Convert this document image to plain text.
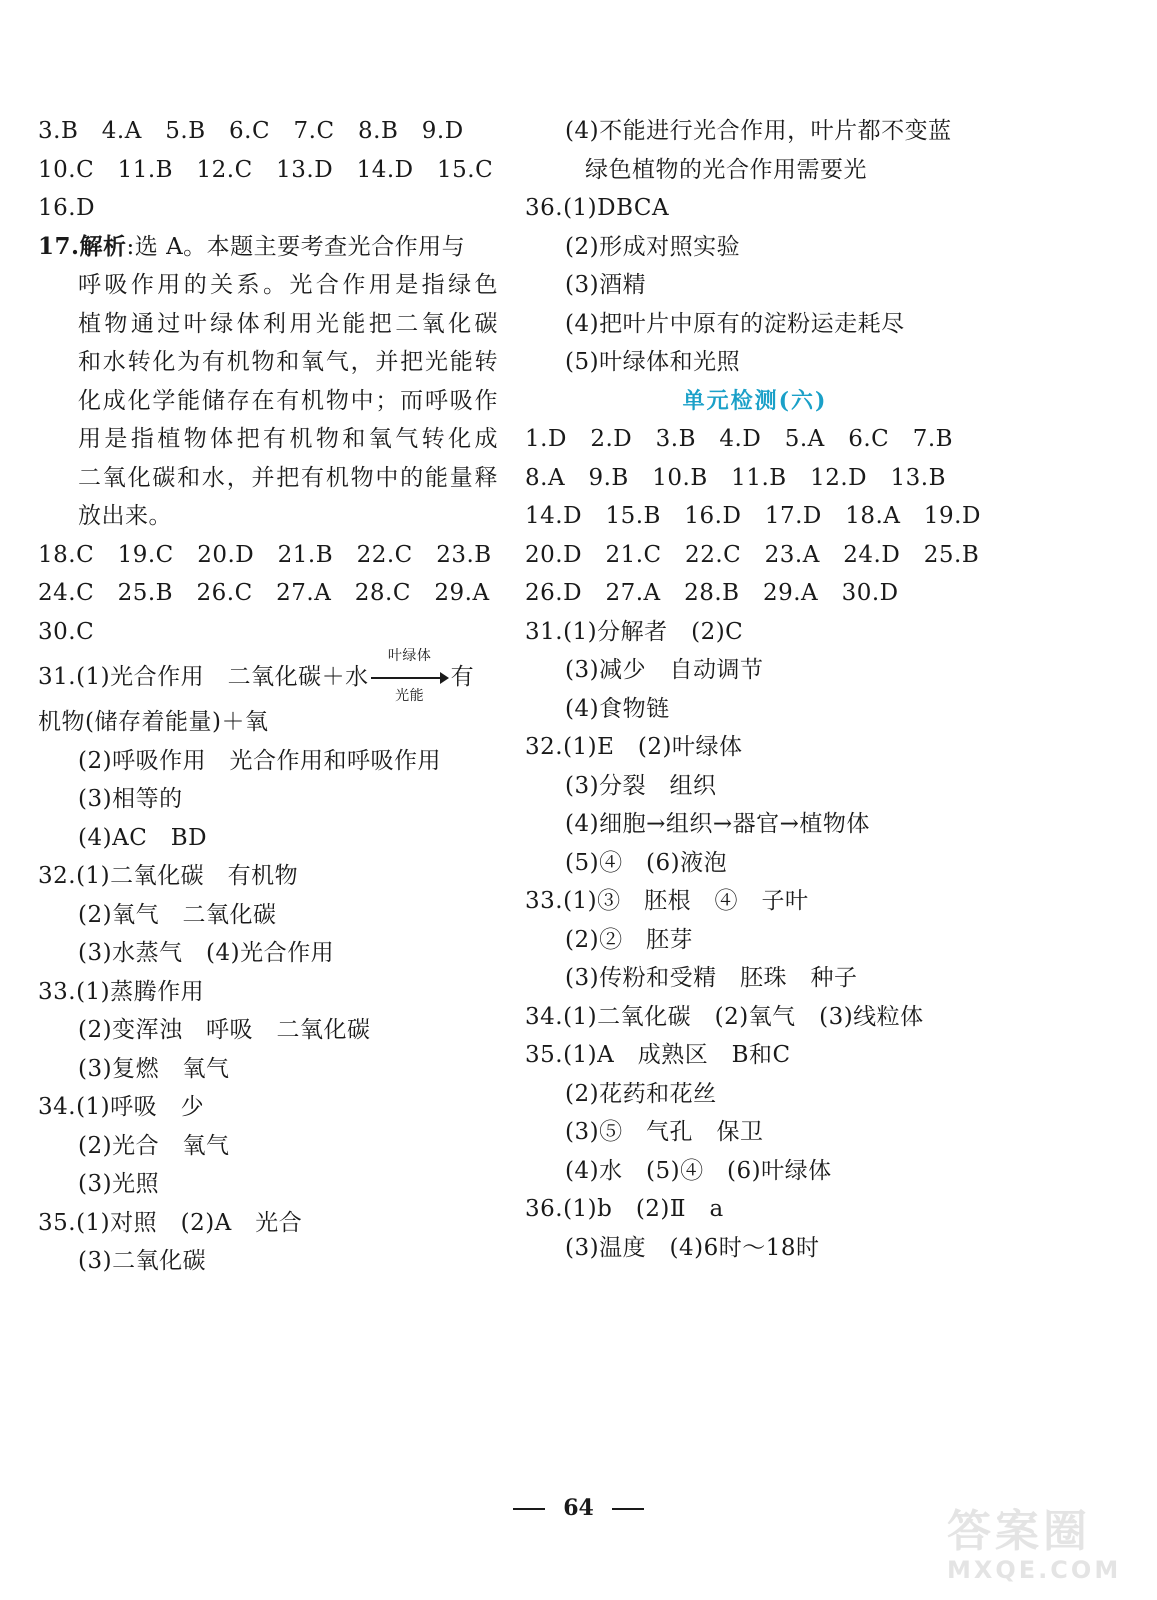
3.B   4.A   5.B   6.C   7.C   8.B   9.D
10.C   11.B   12.C   13.D   14.D   15.C
16.D
17.解析:选 A。本题主要考查光合作用与
呼吸作用的关系。光合作用是指绿色
植物通过叶绿体利用光能把二氧化碳
和水转化为有机物和氧气，并把光能转
化成化学能储存在有机物中；而呼吸作
用是指植物体把有机物和氧气转化成
二氧化碳和水，并把有机物中的能量释
放出来。
18.C   19.C   20.D   21.B   22.C   23.B
24.C   25.B   26.C   27.A   28.C   29.A
30.C
31.(1)光合作用   二氧化碳＋水
叶绿体
光能
有
机物(储存着能量)＋氧
(2)呼吸作用   光合作用和呼吸作用
(3)相等的
(4)AC   BD
32.(1)二氧化碳   有机物
(2)氧气   二氧化碳
(3)水蒸气   (4)光合作用
33.(1)蒸腾作用
(2)变浑浊   呼吸   二氧化碳
(3)复燃   氧气
34.(1)呼吸   少
(2)光合   氧气
(3)光照
35.(1)对照   (2)A   光合
(3)二氧化碳
(4)不能进行光合作用，叶片都不变蓝
绿色植物的光合作用需要光
36.(1)DBCA
(2)形成对照实验
(3)酒精
(4)把叶片中原有的淀粉运走耗尽
(5)叶绿体和光照
单元检测(六)
1.D   2.D   3.B   4.D   5.A   6.C   7.B
8.A   9.B   10.B   11.B   12.D   13.B
14.D   15.B   16.D   17.D   18.A   19.D
20.D   21.C   22.C   23.A   24.D   25.B
26.D   27.A   28.B   29.A   30.D
31.(1)分解者   (2)C
(3)减少   自动调节
(4)食物链
32.(1)E   (2)叶绿体
(3)分裂   组织
(4)细胞→组织→器官→植物体
(5)④   (6)液泡
33.(1)③   胚根   ④   子叶
(2)②   胚芽
(3)传粉和受精   胚珠   种子
34.(1)二氧化碳   (2)氧气   (3)线粒体
35.(1)A   成熟区   B和C
(2)花药和花丝
(3)⑤   气孔   保卫
(4)水   (5)④   (6)叶绿体
36.(1)b   (2)Ⅱ   a
(3)温度   (4)6时～18时
64	答案圈
MXQE.COM
